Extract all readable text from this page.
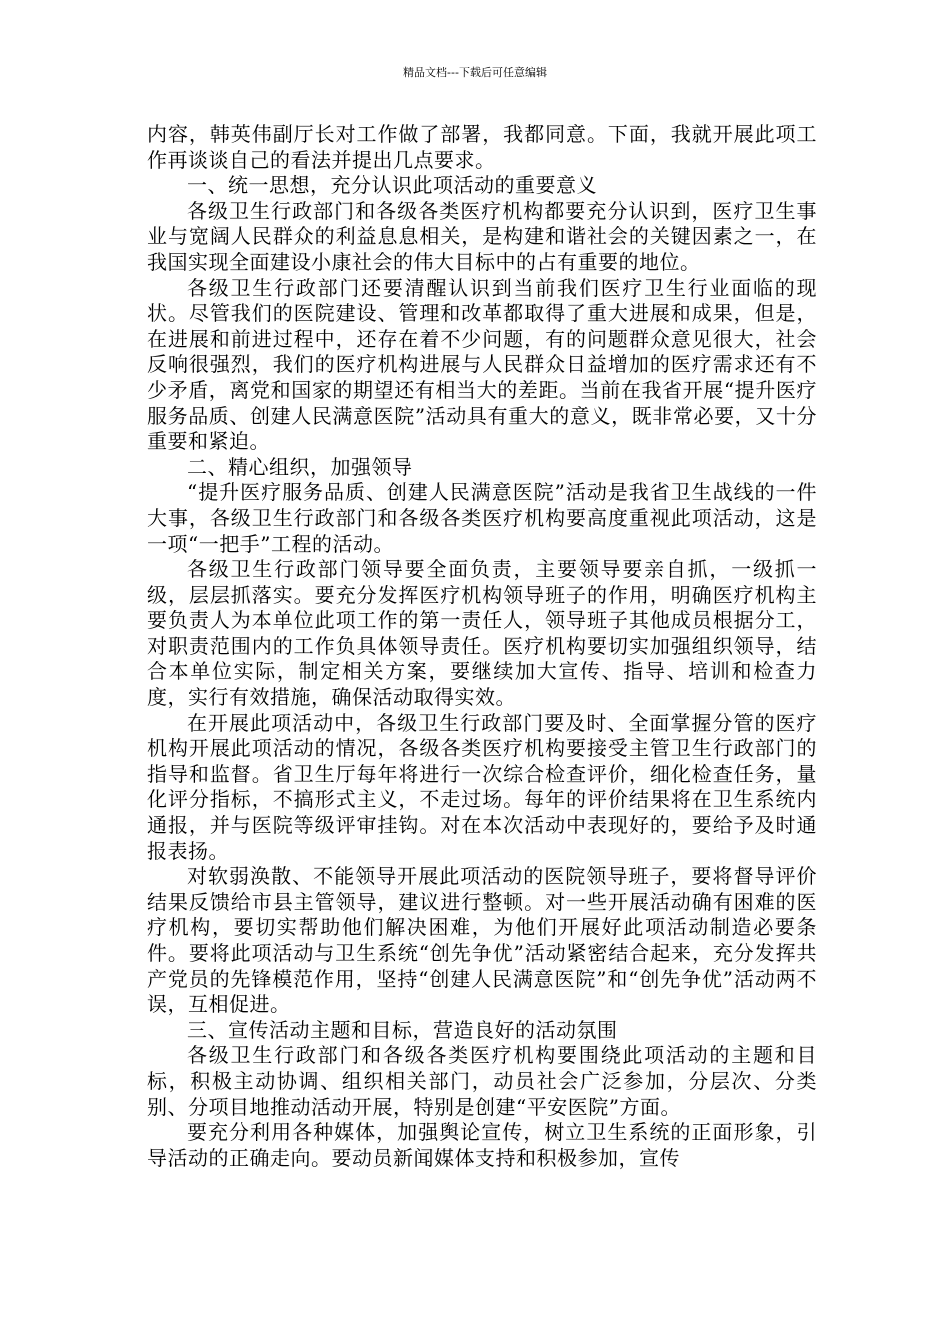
精品文档---下载后可任意编辑

内容，韩英伟副厅长对工作做了部署，我都同意。下面，我就开展此项工作再谈谈自己的看法并提出几点要求。

一、统一思想，充分认识此项活动的重要意义

各级卫生行政部门和各级各类医疗机构都要充分认识到，医疗卫生事业与宽阔人民群众的利益息息相关，是构建和谐社会的关键因素之一，在我国实现全面建设小康社会的伟大目标中的占有重要的地位。

各级卫生行政部门还要清醒认识到当前我们医疗卫生行业面临的现状。尽管我们的医院建设、管理和改革都取得了重大进展和成果，但是，在进展和前进过程中，还存在着不少问题，有的问题群众意见很大，社会反响很强烈，我们的医疗机构进展与人民群众日益增加的医疗需求还有不少矛盾，离党和国家的期望还有相当大的差距。当前在我省开展“提升医疗服务品质、创建人民满意医院”活动具有重大的意义，既非常必要，又十分重要和紧迫。

二、精心组织，加强领导

“提升医疗服务品质、创建人民满意医院”活动是我省卫生战线的一件大事，各级卫生行政部门和各级各类医疗机构要高度重视此项活动，这是一项“一把手”工程的活动。

各级卫生行政部门领导要全面负责，主要领导要亲自抓，一级抓一级，层层抓落实。要充分发挥医疗机构领导班子的作用，明确医疗机构主要负责人为本单位此项工作的第一责任人，领导班子其他成员根据分工，对职责范围内的工作负具体领导责任。医疗机构要切实加强组织领导，结合本单位实际，制定相关方案，要继续加大宣传、指导、培训和检查力度，实行有效措施，确保活动取得实效。

在开展此项活动中，各级卫生行政部门要及时、全面掌握分管的医疗机构开展此项活动的情况，各级各类医疗机构要接受主管卫生行政部门的指导和监督。省卫生厅每年将进行一次综合检查评价，细化检查任务，量化评分指标，不搞形式主义，不走过场。每年的评价结果将在卫生系统内通报，并与医院等级评审挂钩。对在本次活动中表现好的，要给予及时通报表扬。

对软弱涣散、不能领导开展此项活动的医院领导班子，要将督导评价结果反馈给市县主管领导，建议进行整顿。对一些开展活动确有困难的医疗机构，要切实帮助他们解决困难，为他们开展好此项活动制造必要条件。要将此项活动与卫生系统“创先争优”活动紧密结合起来，充分发挥共产党员的先锋模范作用，坚持“创建人民满意医院”和“创先争优”活动两不误，互相促进。

三、宣传活动主题和目标，营造良好的活动氛围

各级卫生行政部门和各级各类医疗机构要围绕此项活动的主题和目标，积极主动协调、组织相关部门，动员社会广泛参加，分层次、分类别、分项目地推动活动开展，特别是创建“平安医院”方面。

要充分利用各种媒体，加强舆论宣传，树立卫生系统的正面形象，引导活动的正确走向。要动员新闻媒体支持和积极参加，宣传
